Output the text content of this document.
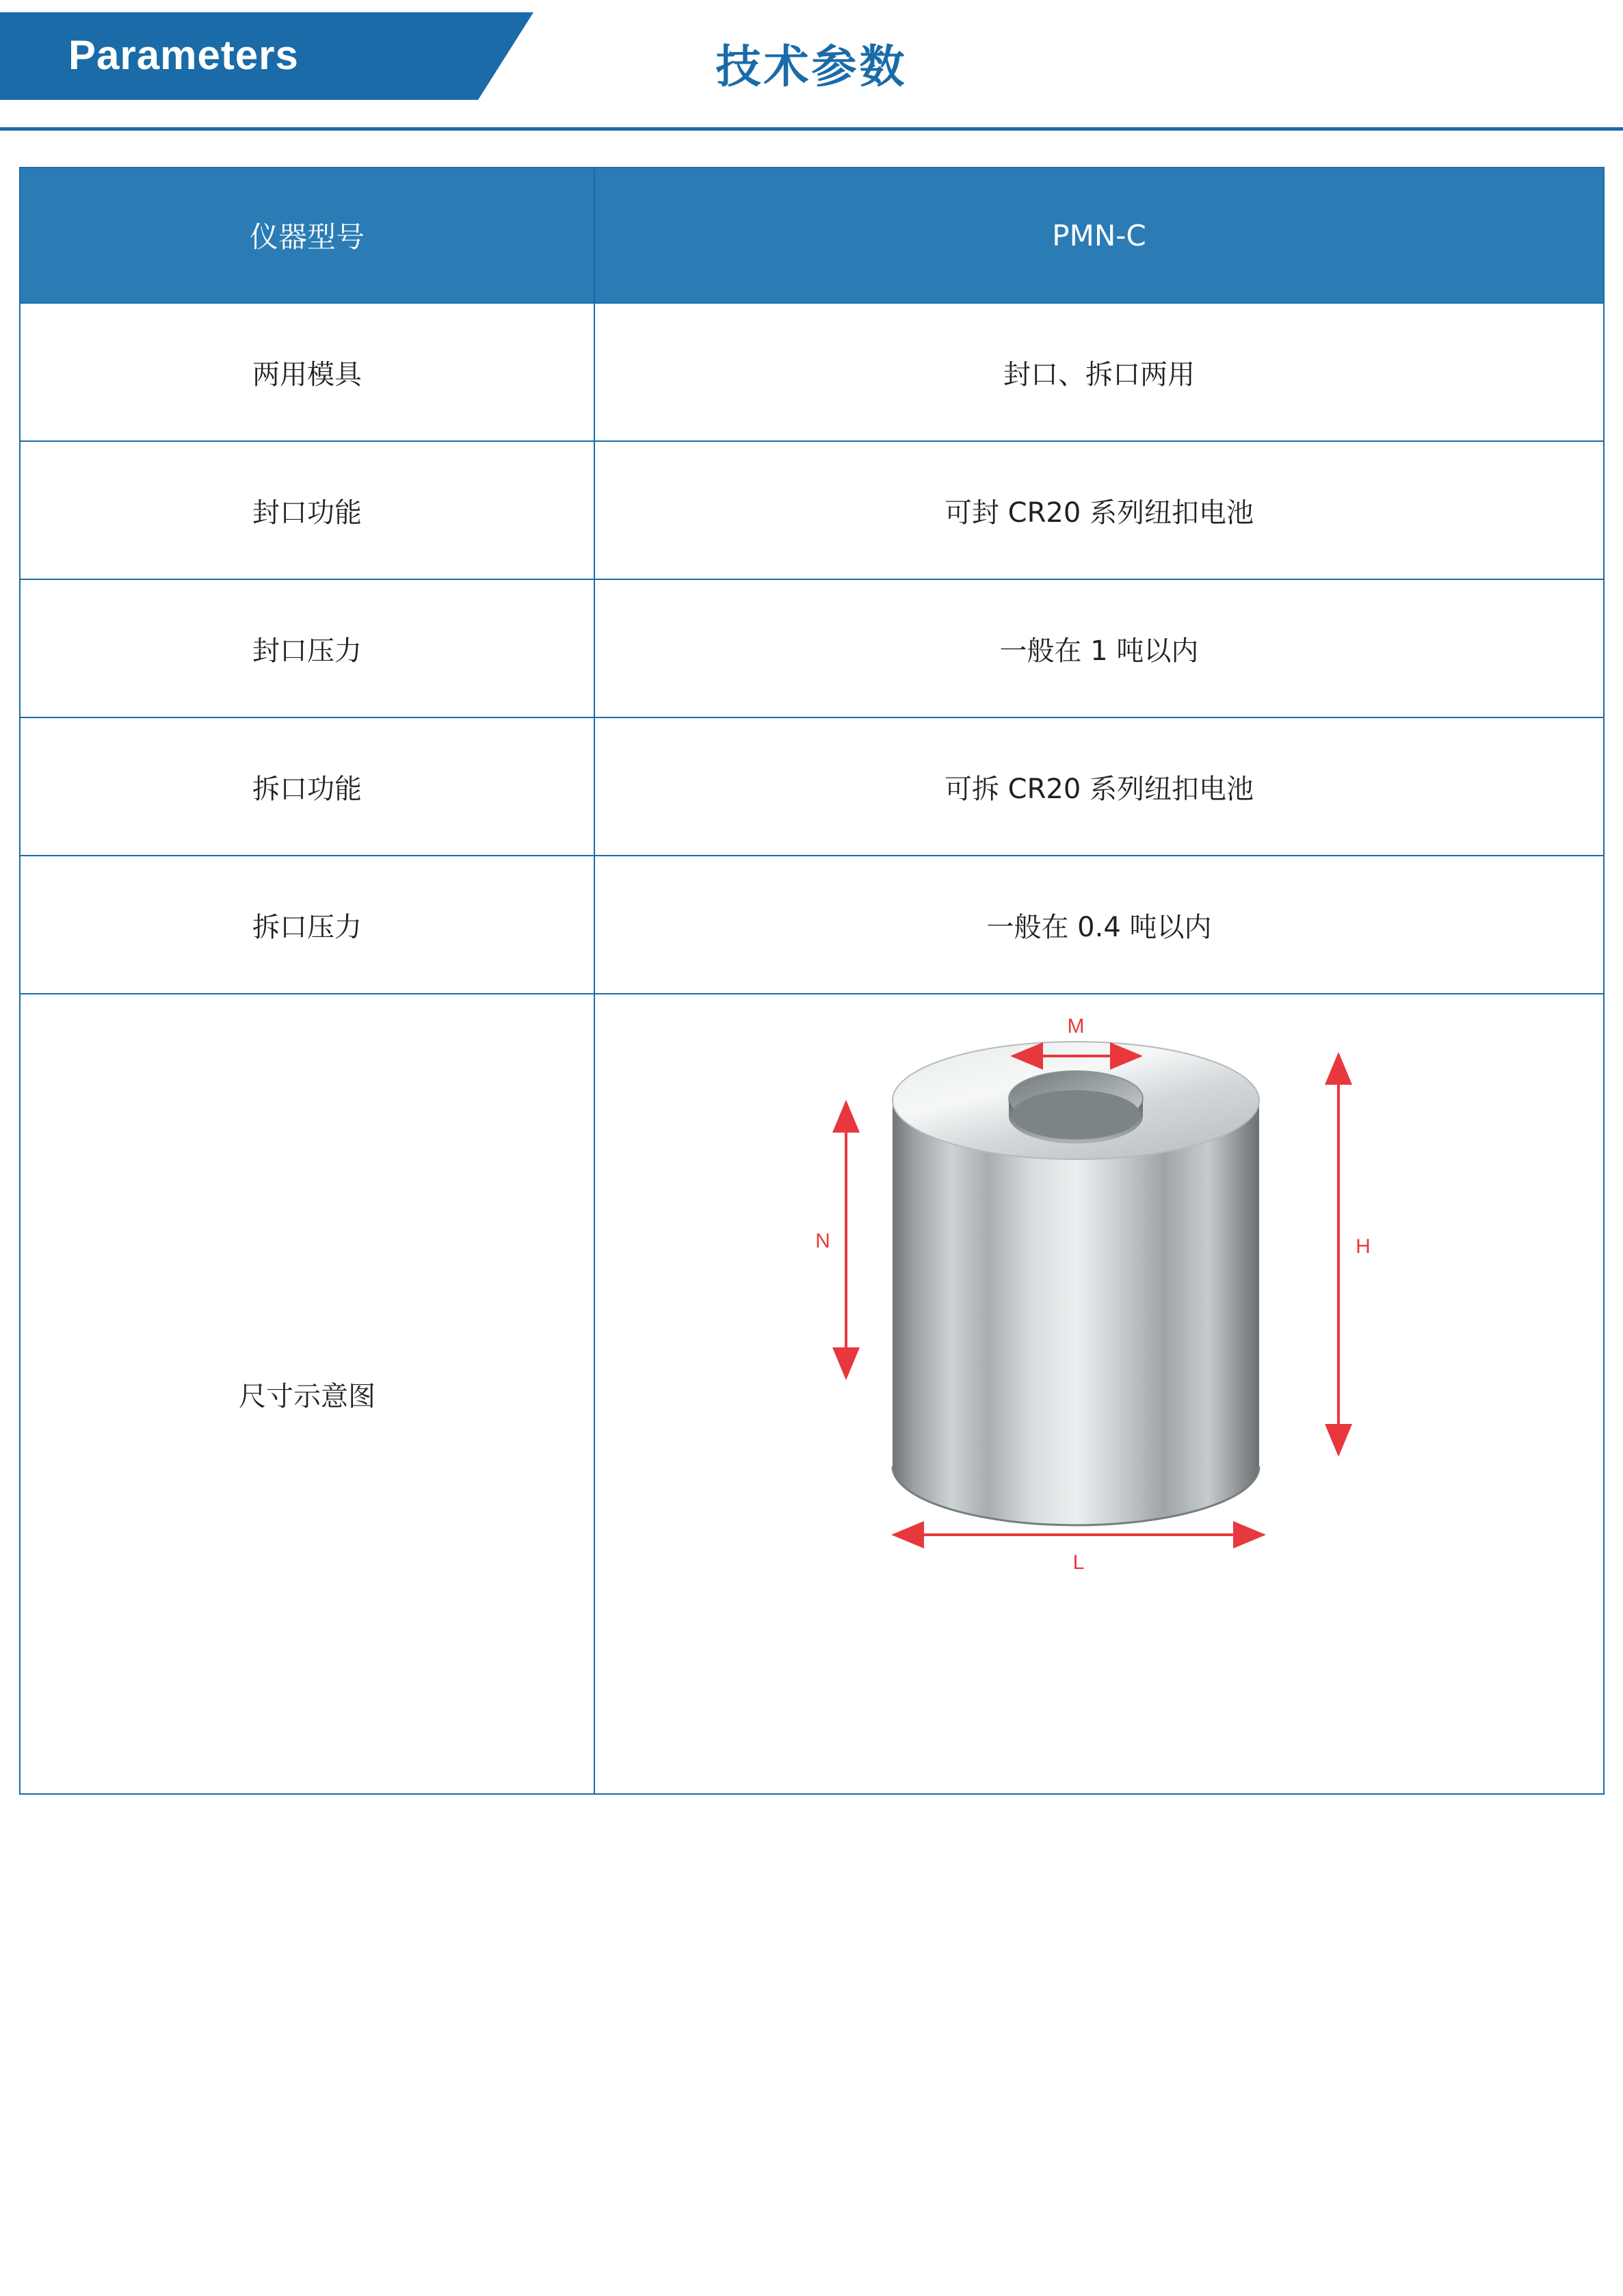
Parameters	技术参数
仪器型号	PMN-C
两用模具	封口、拆口两用
封口功能	可封 CR20 系列纽扣电池
封口压力	一般在 1 吨以内
拆口功能	可拆 CR20 系列纽扣电池
拆口压力	一般在 0.4 吨以内
尺寸示意图	M
N H
L
